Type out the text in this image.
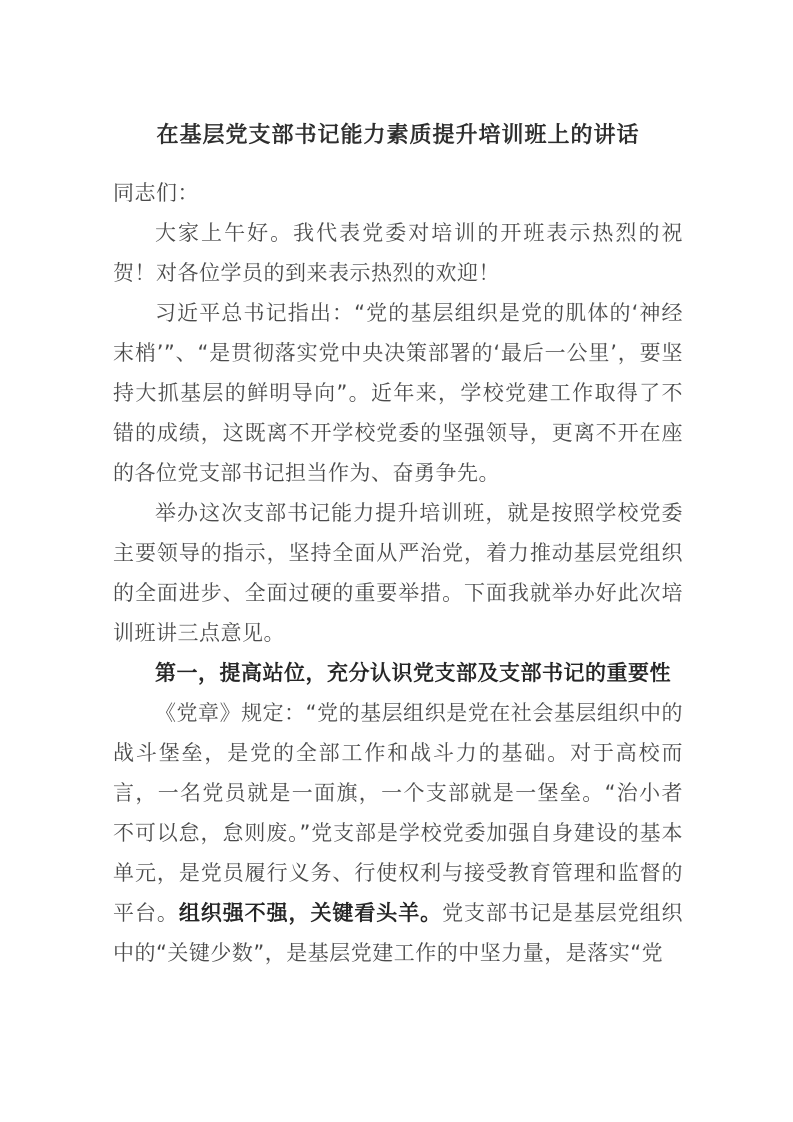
在基层党支部书记能力素质提升培训班上的讲话

同志们：

大家上午好。我代表党委对培训的开班表示热烈的祝贺！对各位学员的到来表示热烈的欢迎！

习近平总书记指出：“党的基层组织是党的肌体的‘神经末梢’”、“是贯彻落实党中央决策部署的‘最后一公里’，要坚持大抓基层的鲜明导向”。近年来，学校党建工作取得了不错的成绩，这既离不开学校党委的坚强领导，更离不开在座的各位党支部书记担当作为、奋勇争先。

举办这次支部书记能力提升培训班，就是按照学校党委主要领导的指示，坚持全面从严治党，着力推动基层党组织的全面进步、全面过硬的重要举措。下面我就举办好此次培训班讲三点意见。

第一，提高站位，充分认识党支部及支部书记的重要性

《党章》规定：“党的基层组织是党在社会基层组织中的战斗堡垒，是党的全部工作和战斗力的基础。对于高校而言，一名党员就是一面旗，一个支部就是一堡垒。“治小者不可以怠，怠则废。”党支部是学校党委加强自身建设的基本单元，是党员履行义务、行使权利与接受教育管理和监督的平台。组织强不强，关键看头羊。党支部书记是基层党组织中的“关键少数”，是基层党建工作的中坚力量，是落实“党
